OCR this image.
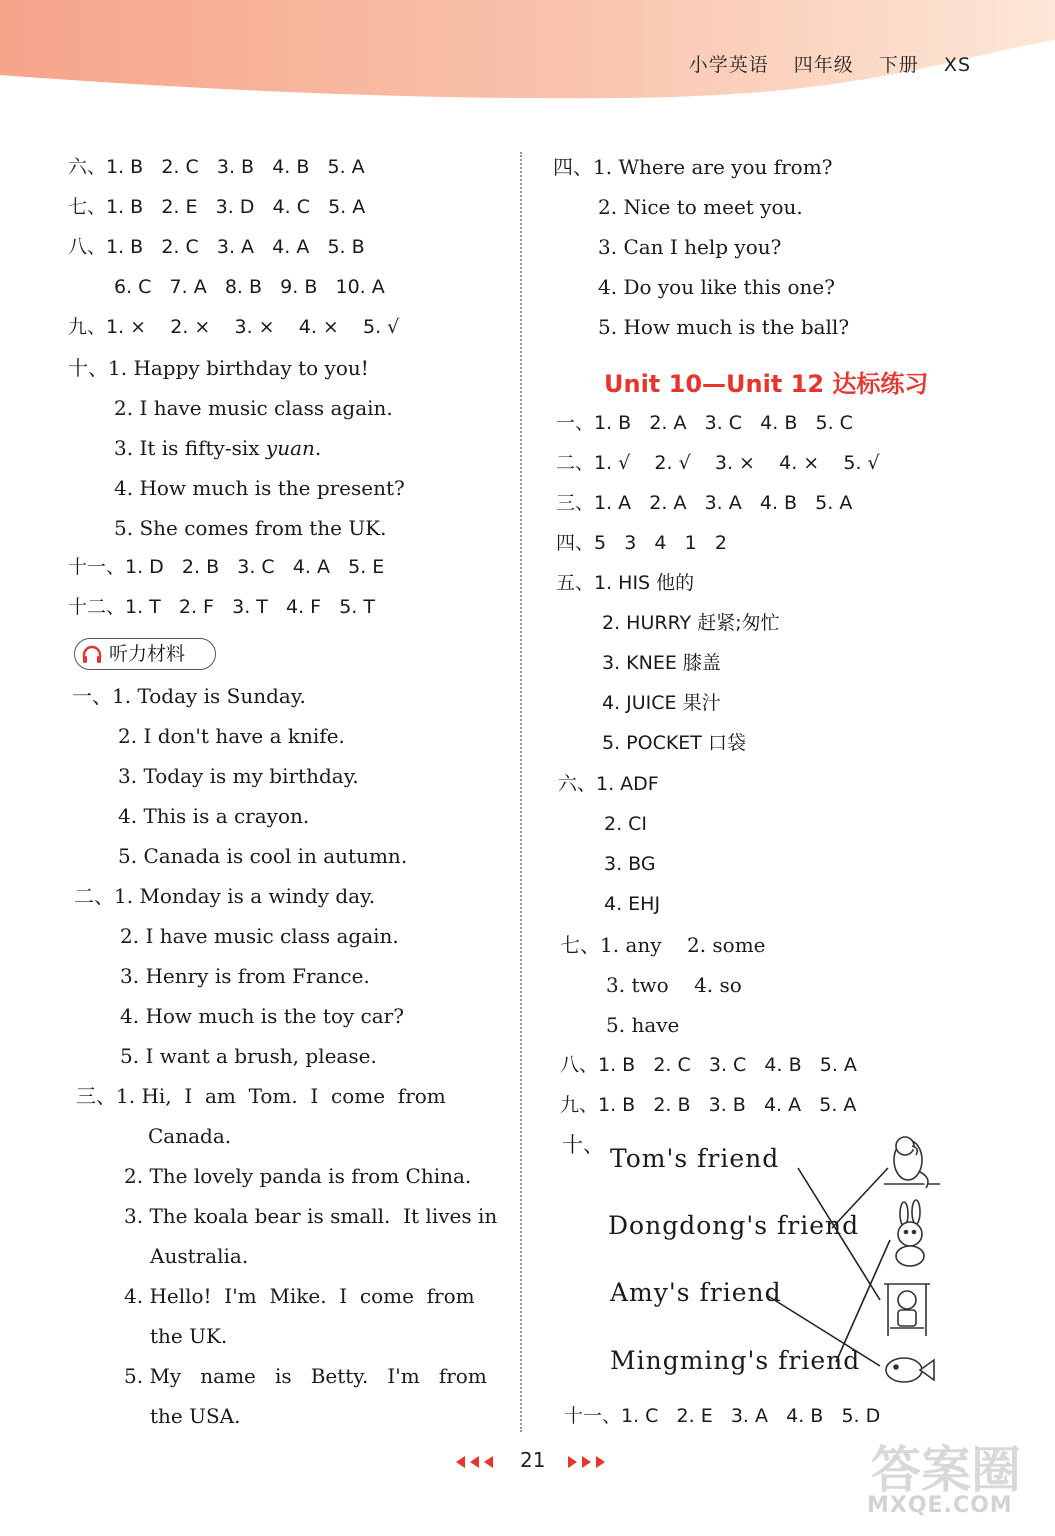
小学英语 四年级 下册 XS
六、1. B   2. C   3. B   4. B   5. A
七、1. B   2. E   3. D   4. C   5. A
八、1. B   2. C   3. A   4. A   5. B
6. C   7. A   8. B   9. B   10. A
九、1. ×    2. ×    3. ×    4. ×    5. √
十、1. Happy birthday to you!
2. I have music class again.
3. It is fifty-six yuan.
4. How much is the present?
5. She comes from the UK.
十一、1. D   2. B   3. C   4. A   5. E
十二、1. T   2. F   3. T   4. F   5. T
听力材料
一、1. Today is Sunday.
2. I don't have a knife.
3. Today is my birthday.
4. This is a crayon.
5. Canada is cool in autumn.
二、1. Monday is a windy day.
2. I have music class again.
3. Henry is from France.
4. How much is the toy car?
5. I want a brush, please.
三、1. Hi,  I  am  Tom.  I  come  from
Canada.
2. The lovely panda is from China.
3. The koala bear is small.  It lives in
Australia.
4. Hello!  I'm  Mike.  I  come  from
the UK.
5. My   name   is   Betty.   I'm   from
the USA.
四、1. Where are you from?
2. Nice to meet you.
3. Can I help you?
4. Do you like this one?
5. How much is the ball?
Unit 10—Unit 12 达标练习
一、1. B   2. A   3. C   4. B   5. C
二、1. √    2. √    3. ×    4. ×    5. √
三、1. A   2. A   3. A   4. B   5. A
四、5   3   4   1   2
五、1. HIS 他的
2. HURRY 赶紧;匆忙
3. KNEE 膝盖
4. JUICE 果汁
5. POCKET 口袋
六、1. ADF
2. CI
3. BG
4. EHJ
七、1. any    2. some
3. two    4. so
5. have
八、1. B   2. C   3. C   4. B   5. A
九、1. B   2. B   3. B   4. A   5. A
十、 Tom's friend
Dongdong's friend
Amy's friend
Mingming's friend
十一、1. C   2. E   3. A   4. B   5. D
21	答案圈
MXQE.COM
